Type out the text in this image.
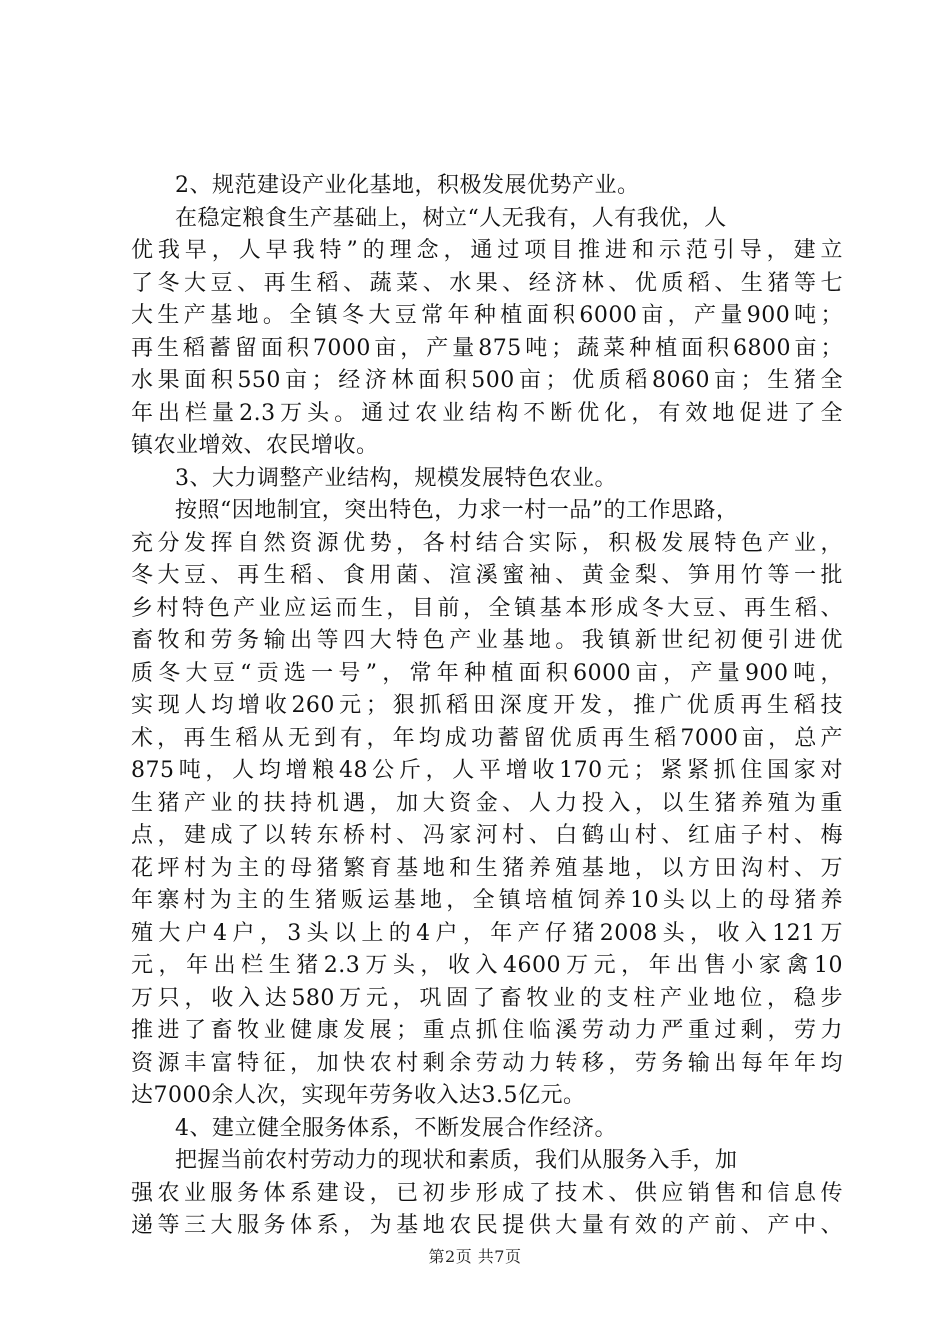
2、规范建设产业化基地，积极发展优势产业。
在稳定粮食生产基础上，树立“人无我有，人有我优，人
优我早，人早我特”的理念，通过项目推进和示范引导，建立
了冬大豆、再生稻、蔬菜、水果、经济林、优质稻、生猪等七
大生产基地。全镇冬大豆常年种植面积6000亩，产量900吨；
再生稻蓄留面积7000亩，产量875吨；蔬菜种植面积6800亩；
水果面积550亩；经济林面积500亩；优质稻8060亩；生猪全
年出栏量2.3万头。通过农业结构不断优化，有效地促进了全
镇农业增效、农民增收。
3、大力调整产业结构，规模发展特色农业。
按照“因地制宜，突出特色，力求一村一品”的工作思路，
充分发挥自然资源优势，各村结合实际，积极发展特色产业，
冬大豆、再生稻、食用菌、渲溪蜜袖、黄金梨、笋用竹等一批
乡村特色产业应运而生，目前，全镇基本形成冬大豆、再生稻、
畜牧和劳务输出等四大特色产业基地。我镇新世纪初便引进优
质冬大豆“贡选一号”，常年种植面积6000亩，产量900吨，
实现人均增收260元；狠抓稻田深度开发，推广优质再生稻技
术，再生稻从无到有，年均成功蓄留优质再生稻7000亩，总产
875吨，人均增粮48公斤，人平增收170元；紧紧抓住国家对
生猪产业的扶持机遇，加大资金、人力投入，以生猪养殖为重
点，建成了以转东桥村、冯家河村、白鹤山村、红庙子村、梅
花坪村为主的母猪繁育基地和生猪养殖基地，以方田沟村、万
年寨村为主的生猪贩运基地，全镇培植饲养10头以上的母猪养
殖大户4户，3头以上的4户，年产仔猪2008头，收入121万
元，年出栏生猪2.3万头，收入4600万元，年出售小家禽10
万只，收入达580万元，巩固了畜牧业的支柱产业地位，稳步
推进了畜牧业健康发展；重点抓住临溪劳动力严重过剩，劳力
资源丰富特征，加快农村剩余劳动力转移，劳务输出每年年均
达7000余人次，实现年劳务收入达3.5亿元。
4、建立健全服务体系，不断发展合作经济。
把握当前农村劳动力的现状和素质，我们从服务入手，加
强农业服务体系建设，已初步形成了技术、供应销售和信息传
递等三大服务体系，为基地农民提供大量有效的产前、产中、
第2页 共7页
